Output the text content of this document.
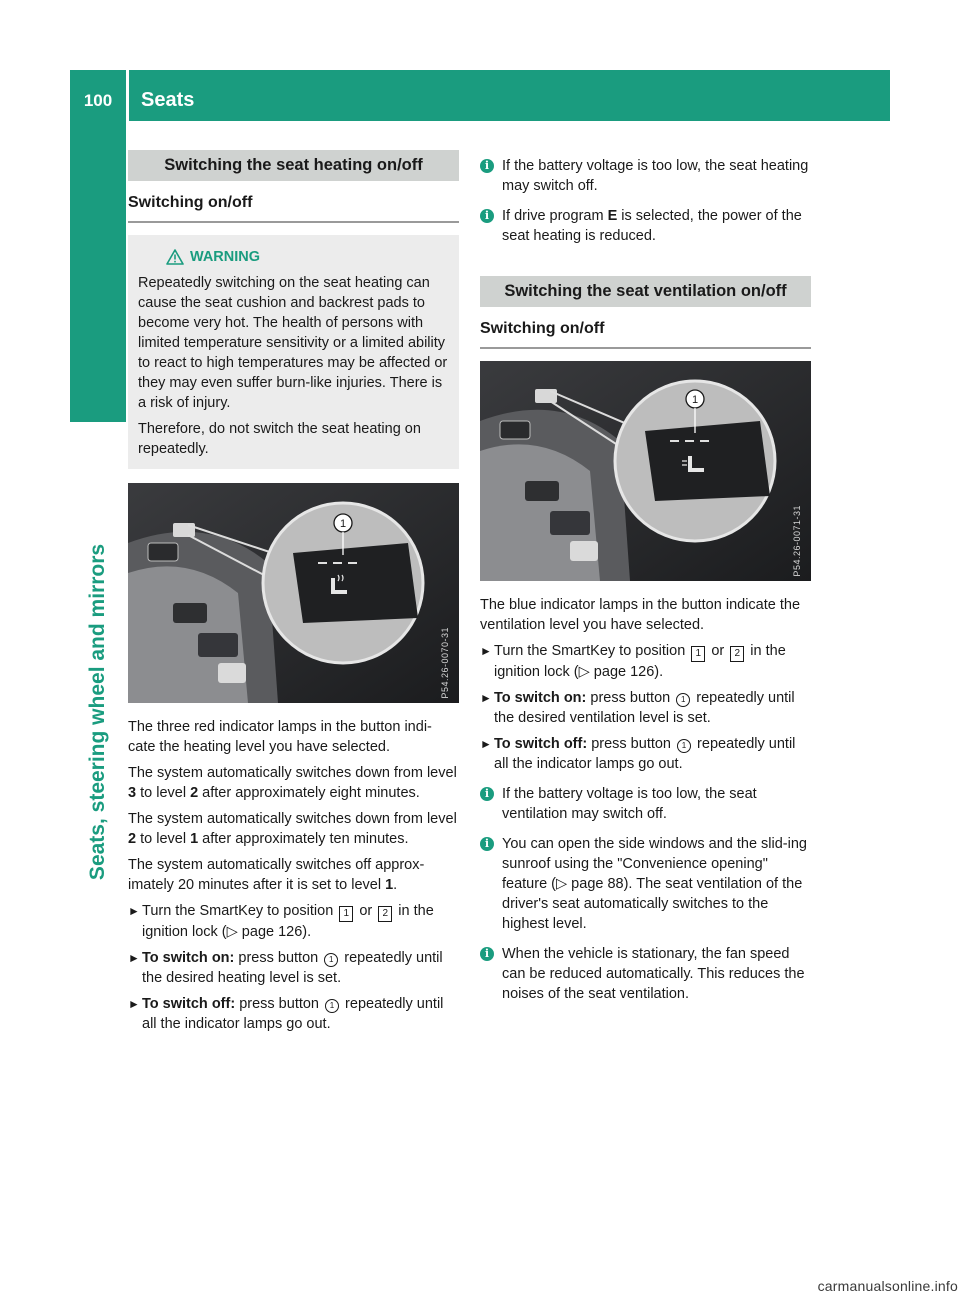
100	Seats
Seats, steering wheel and mirrors
Switching the seat heating on/off
Switching on/off
WARNING

Repeatedly switching on the seat heating can cause the seat cushion and backrest pads to become very hot. The health of persons with limited temperature sensitivity or a limited ability to react to high temperatures may be affected or they may even suffer burn-like injuries. There is a risk of injury.

Therefore, do not switch the seat heating on repeatedly.

1
P54.26-0070-31

The three red indicator lamps in the button indi-cate the heating level you have selected.

The system automatically switches down from level 3 to level 2 after approximately eight minutes.

The system automatically switches down from level 2 to level 1 after approximately ten minutes.

The system automatically switches off approx-imately 20 minutes after it is set to level 1.

► Turn the SmartKey to position 1 or 2 in the ignition lock (▷ page 126).
► To switch on: press button 1 repeatedly until the desired heating level is set.
► To switch off: press button 1 repeatedly until all the indicator lamps go out.
i If the battery voltage is too low, the seat heating may switch off.
i If drive program E is selected, the power of the seat heating is reduced.
Switching the seat ventilation on/off
Switching on/off
1
P54.26-0071-31

The blue indicator lamps in the button indicate the ventilation level you have selected.

► Turn the SmartKey to position 1 or 2 in the ignition lock (▷ page 126).
► To switch on: press button 1 repeatedly until the desired ventilation level is set.
► To switch off: press button 1 repeatedly until all the indicator lamps go out.
i If the battery voltage is too low, the seat ventilation may switch off.
i You can open the side windows and the slid-ing sunroof using the "Convenience opening" feature (▷ page 88). The seat ventilation of the driver's seat automatically switches to the highest level.
i When the vehicle is stationary, the fan speed can be reduced automatically. This reduces the noises of the seat ventilation.
carmanualsonline.info
